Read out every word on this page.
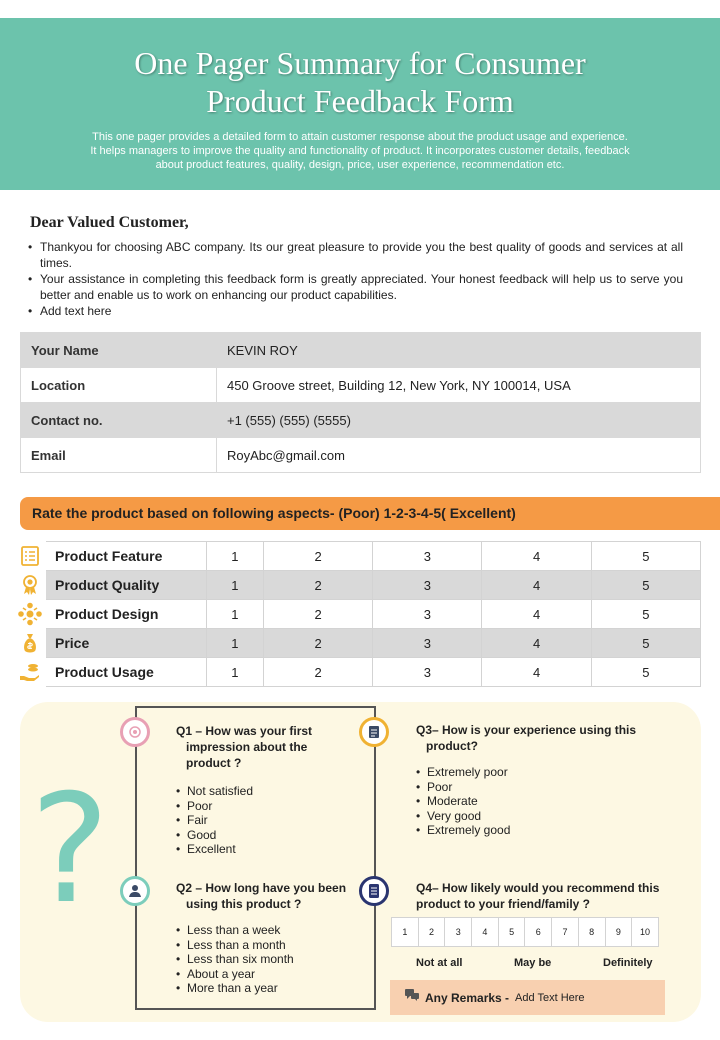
One Pager Summary for Consumer
Product Feedback Form

This one pager provides a detailed form to attain customer response about the product usage and experience.
It helps managers to improve the quality and functionality of product. It incorporates customer details, feedback
about product features, quality, design, price, user experience, recommendation etc.

Dear Valued Customer,
• Thankyou for choosing ABC company. Its our great pleasure to provide you the best quality of goods and services at all times.
• Your assistance in completing this feedback form is greatly appreciated. Your honest feedback will help us to serve you better and enable us to work on enhancing our product capabilities.
• Add text here
Your Name	KEVIN ROY
Location	450 Groove street, Building 12, New York, NY 100014, USA
Contact no.	+1 (555) (555) (5555)
Email	RoyAbc@gmail.com
Rate the product based on following aspects- (Poor) 1-2-3-4-5( Excellent)
Product Feature	1	2	3	4	5
Product Quality	1	2	3	4	5
Product Design	1	2	3	4	5
Price	1	2	3	4	5
Product Usage	1	2	3	4	5
?
Q1 – How was your first
impression about the
product ?
• Not satisfied
• Poor
• Fair
• Good
• Excellent
Q2 – How long have you been
using this product ?
• Less than a week
• Less than a month
• Less than six month
• About a year
• More than a year
Q3– How is your experience using this
product?
• Extremely poor
• Poor
• Moderate
• Very good
• Extremely good
Q4– How likely would you recommend this
product to your friend/family ?
1	2	3	4	5	6	7	8	9	10
Not at all	May be	Definitely
Any Remarks - Add Text Here
